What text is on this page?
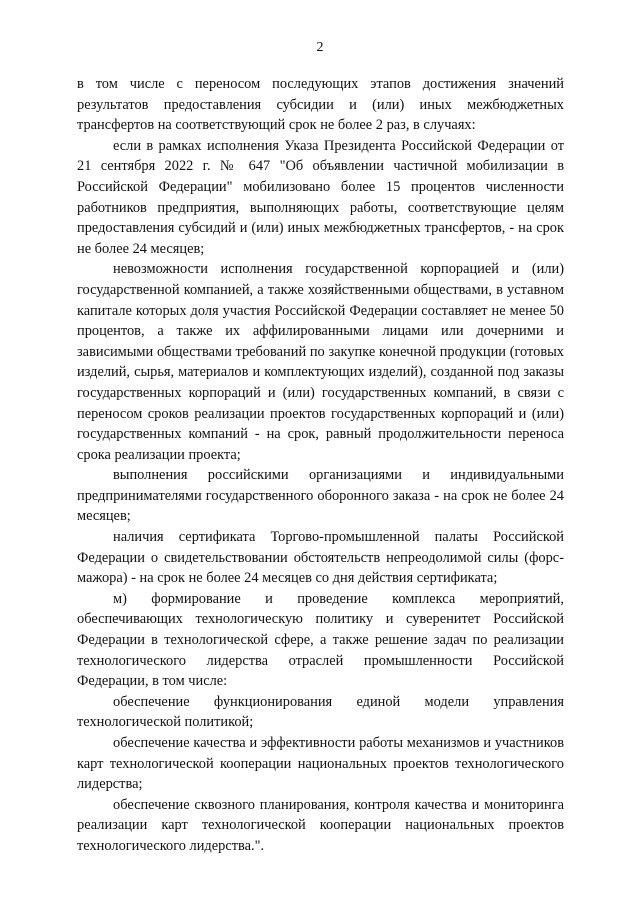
2

в том числе с переносом последующих этапов достижения значений результатов предоставления субсидии и (или) иных межбюджетных трансфертов на соответствующий срок не более 2 раз, в случаях:

если в рамках исполнения Указа Президента Российской Федерации от 21 сентября 2022 г. № 647 "Об объявлении частичной мобилизации в Российской Федерации" мобилизовано более 15 процентов численности работников предприятия, выполняющих работы, соответствующие целям предоставления субсидий и (или) иных межбюджетных трансфертов, - на срок не более 24 месяцев;

невозможности исполнения государственной корпорацией и (или) государственной компанией, а также хозяйственными обществами, в уставном капитале которых доля участия Российской Федерации составляет не менее 50 процентов, а также их аффилированными лицами или дочерними и зависимыми обществами требований по закупке конечной продукции (готовых изделий, сырья, материалов и комплектующих изделий), созданной под заказы государственных корпораций и (или) государственных компаний, в связи с переносом сроков реализации проектов государственных корпораций и (или) государственных компаний - на срок, равный продолжительности переноса срока реализации проекта;

выполнения российскими организациями и индивидуальными предпринимателями государственного оборонного заказа - на срок не более 24 месяцев;

наличия сертификата Торгово-промышленной палаты Российской Федерации о свидетельствовании обстоятельств непреодолимой силы (форс-мажора) - на срок не более 24 месяцев со дня действия сертификата;

м) формирование и проведение комплекса мероприятий, обеспечивающих технологическую политику и суверенитет Российской Федерации в технологической сфере, а также решение задач по реализации технологического лидерства отраслей промышленности Российской Федерации, в том числе:

обеспечение функционирования единой модели управления технологической политикой;

обеспечение качества и эффективности работы механизмов и участников карт технологической кооперации национальных проектов технологического лидерства;

обеспечение сквозного планирования, контроля качества и мониторинга реализации карт технологической кооперации национальных проектов технологического лидерства.".
